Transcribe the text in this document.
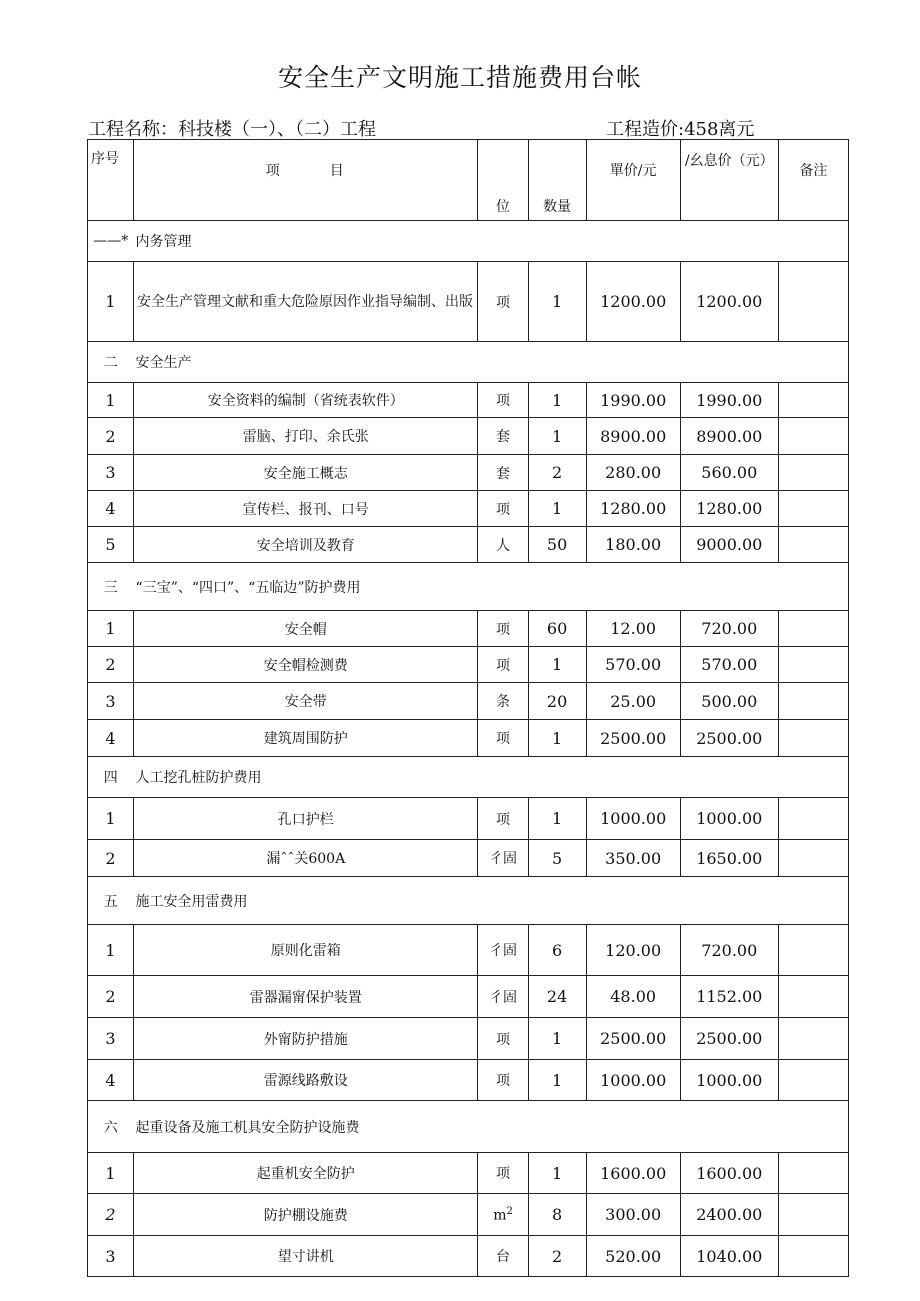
安全生产文明施工措施费用台帐
工程名称：科技楼（一）、（二）工程	工程造价:458离元
序号	项　　　目	位	数量	單价/元	/幺息价（元）	备注
——*	内务管理					
1	安全生产管理文献和重大危险原因作业指导编制、出版	项	1	1200.00	1200.00	
二	安全生产					
1	安全资料的编制（省统表软件）	项	1	1990.00	1990.00	
2	雷脑、打印、余氏张	套	1	8900.00	8900.00	
3	安全施工概志	套	2	280.00	560.00	
4	宣传栏、报刊、口号	项	1	1280.00	1280.00	
5	安全培训及教育	人	50	180.00	9000.00	
三	“三宝”、“四口”、“五临边”防护费用					
1	安全帽	项	60	12.00	720.00	
2	安全帽检测费	项	1	570.00	570.00	
3	安全带	条	20	25.00	500.00	
4	建筑周围防护	项	1	2500.00	2500.00	
四	人工挖孔桩防护费用					
1	孔口护栏	项	1	1000.00	1000.00	
2	漏ˆˆ关600A	彳固	5	350.00	1650.00	
五	施工安全用雷费用					
1	原则化雷箱	彳固	6	120.00	720.00	
2	雷器漏甯保护装置	彳固	24	48.00	1152.00	
3	外甯防护措施	项	1	2500.00	2500.00	
4	雷源线路敷设	项	1	1000.00	1000.00	
六	起重设备及施工机具安全防护设施费					
1	起重机安全防护	项	1	1600.00	1600.00	
2	防护棚设施费	$m^2$	8	300.00	2400.00	
3	望寸讲机	台	2	520.00	1040.00	
